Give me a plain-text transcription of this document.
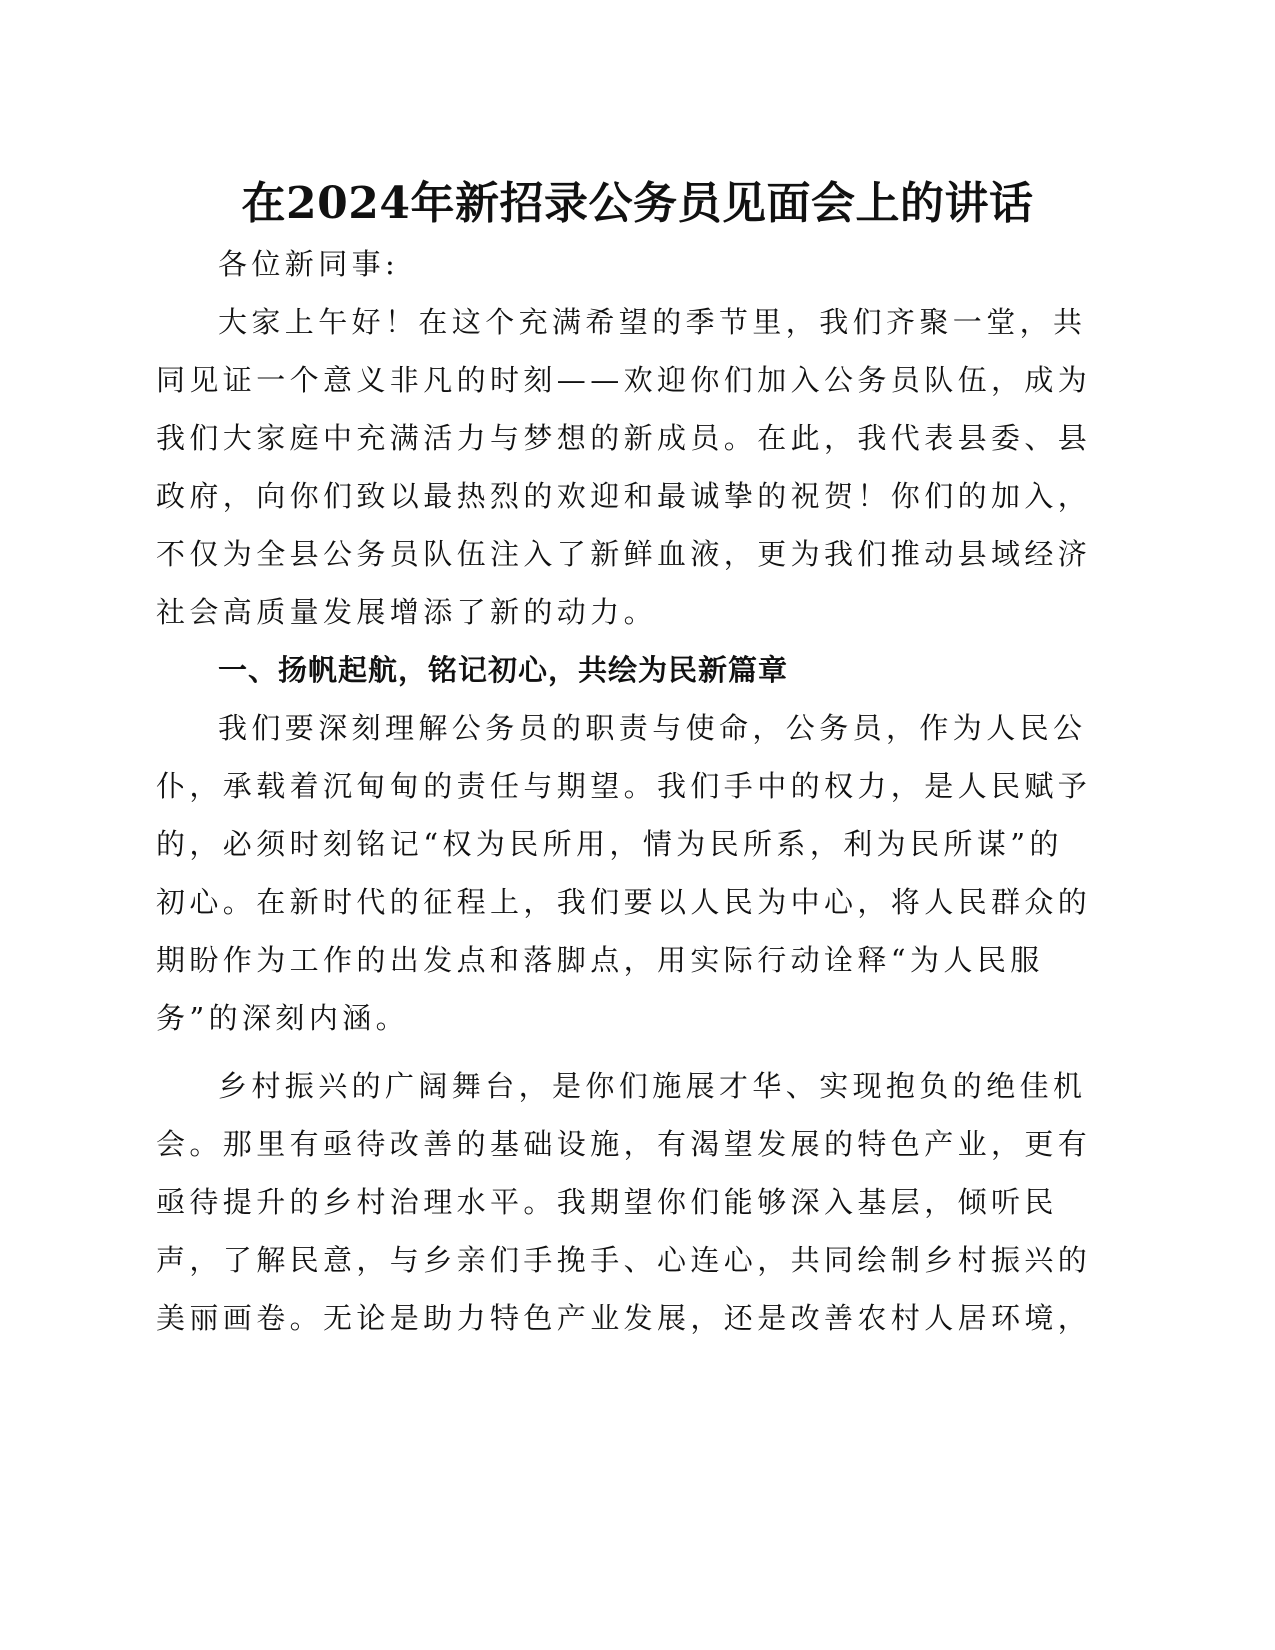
在2024年新招录公务员见面会上的讲话

各位新同事:

大家上午好！在这个充满希望的季节里，我们齐聚一堂，共
同见证一个意义非凡的时刻——欢迎你们加入公务员队伍，成为
我们大家庭中充满活力与梦想的新成员。在此，我代表县委、县
政府，向你们致以最热烈的欢迎和最诚挚的祝贺！你们的加入，
不仅为全县公务员队伍注入了新鲜血液，更为我们推动县域经济
社会高质量发展增添了新的动力。

一、扬帆起航，铭记初心，共绘为民新篇章

我们要深刻理解公务员的职责与使命，公务员，作为人民公
仆，承载着沉甸甸的责任与期望。我们手中的权力，是人民赋予
的，必须时刻铭记“权为民所用，情为民所系，利为民所谋”的
初心。在新时代的征程上，我们要以人民为中心，将人民群众的
期盼作为工作的出发点和落脚点，用实际行动诠释“为人民服
务”的深刻内涵。

乡村振兴的广阔舞台，是你们施展才华、实现抱负的绝佳机
会。那里有亟待改善的基础设施，有渴望发展的特色产业，更有
亟待提升的乡村治理水平。我期望你们能够深入基层，倾听民
声，了解民意，与乡亲们手挽手、心连心，共同绘制乡村振兴的
美丽画卷。无论是助力特色产业发展，还是改善农村人居环境，
